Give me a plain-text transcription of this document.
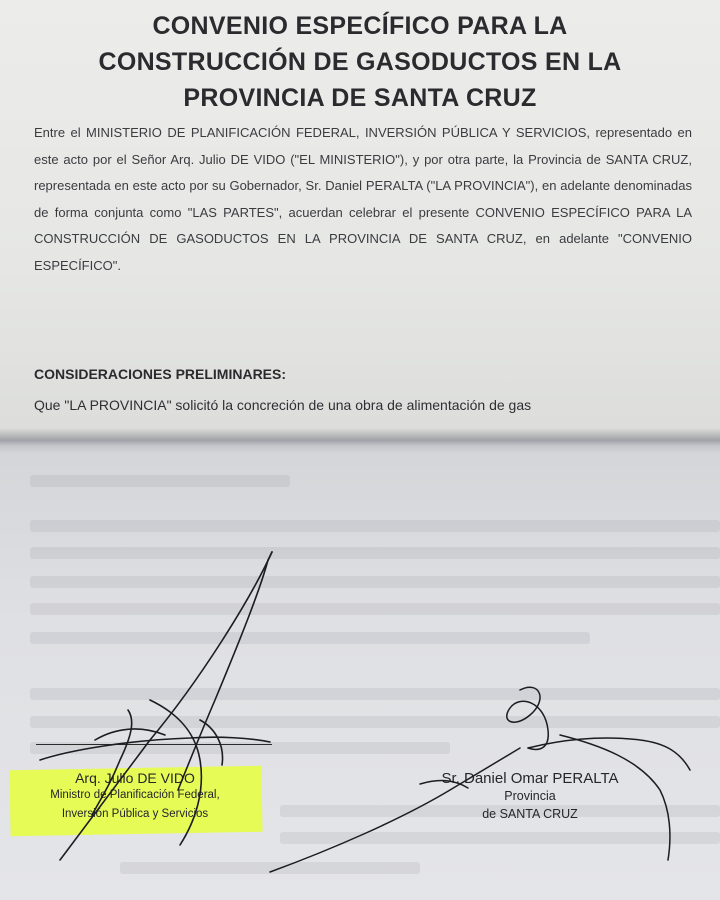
CONVENIO ESPECÍFICO PARA LA
CONSTRUCCIÓN DE GASODUCTOS EN LA
PROVINCIA DE SANTA CRUZ
Entre el MINISTERIO DE PLANIFICACIÓN FEDERAL, INVERSIÓN PÚBLICA Y SERVICIOS, representado en este acto por el Señor Arq. Julio DE VIDO ("EL MINISTERIO"), y por otra parte, la Provincia de SANTA CRUZ, representada en este acto por su Gobernador, Sr. Daniel PERALTA ("LA PROVINCIA"), en adelante denominadas de forma conjunta como "LAS PARTES", acuerdan celebrar el presente CONVENIO ESPECÍFICO PARA LA CONSTRUCCIÓN DE GASODUCTOS EN LA PROVINCIA DE SANTA CRUZ, en adelante "CONVENIO ESPECÍFICO".
CONSIDERACIONES PRELIMINARES:
Que "LA PROVINCIA" solicitó la concreción de una obra de alimentación de gas
Arq. Julio DE VIDO
Ministro de Planificación Federal,
Inversión Pública y Servicios
Sr. Daniel Omar PERALTA
Provincia
de SANTA CRUZ
